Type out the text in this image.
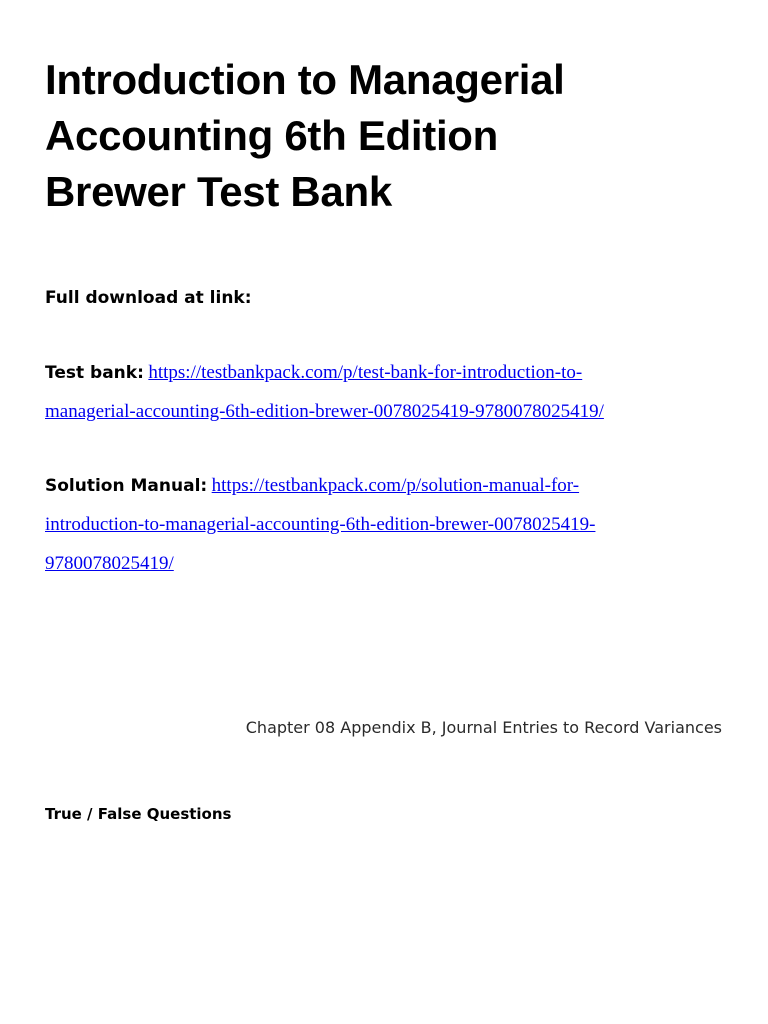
Introduction to Managerial
Accounting 6th Edition
Brewer Test Bank

Full download at link:

Test bank: https://testbankpack.com/p/test-bank-for-introduction-to-
managerial-accounting-6th-edition-brewer-0078025419-9780078025419/

Solution Manual: https://testbankpack.com/p/solution-manual-for-
introduction-to-managerial-accounting-6th-edition-brewer-0078025419-
9780078025419/

Chapter 08 Appendix B, Journal Entries to Record Variances
True / False Questions
